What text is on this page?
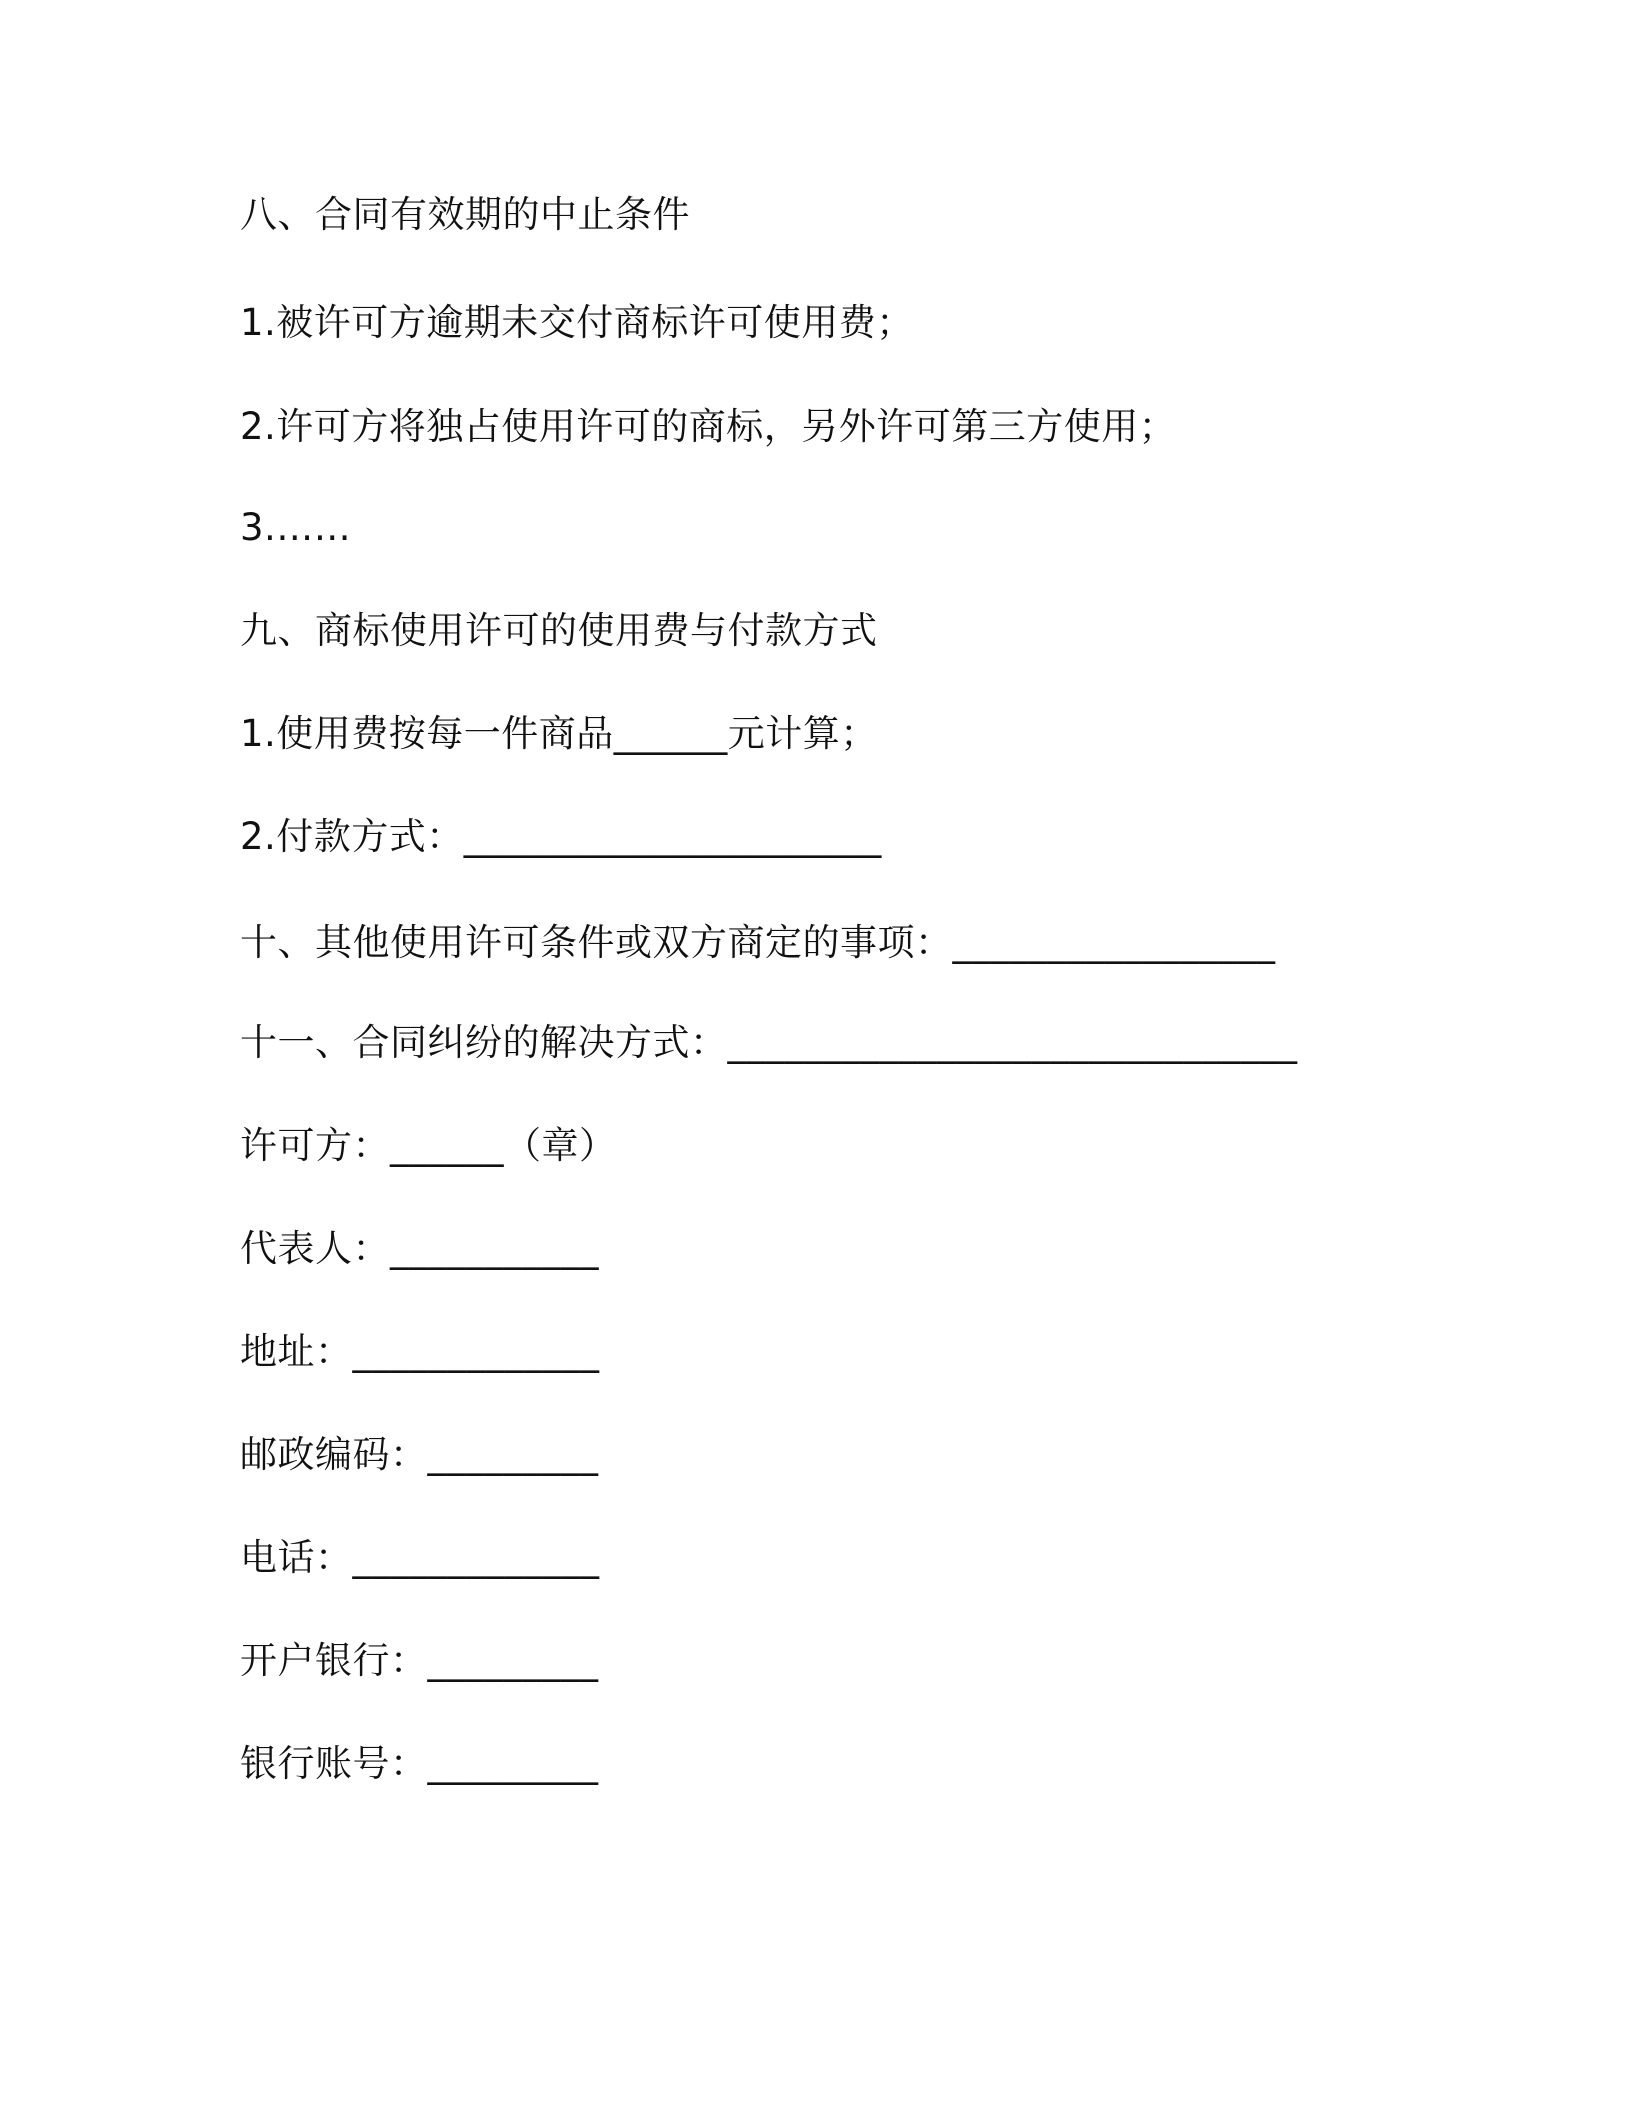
八、合同有效期的中止条件
1.被许可方逾期未交付商标许可使用费；
2.许可方将独占使用许可的商标，另外许可第三方使用；
3.……
九、商标使用许可的使用费与付款方式
1.使用费按每一件商品______元计算；
2.付款方式：______________________
十、其他使用许可条件或双方商定的事项：_________________
十一、合同纠纷的解决方式：______________________________
许可方：______（章）
代表人：___________
地址：_____________
邮政编码：_________
电话：_____________
开户银行：_________
银行账号：_________
